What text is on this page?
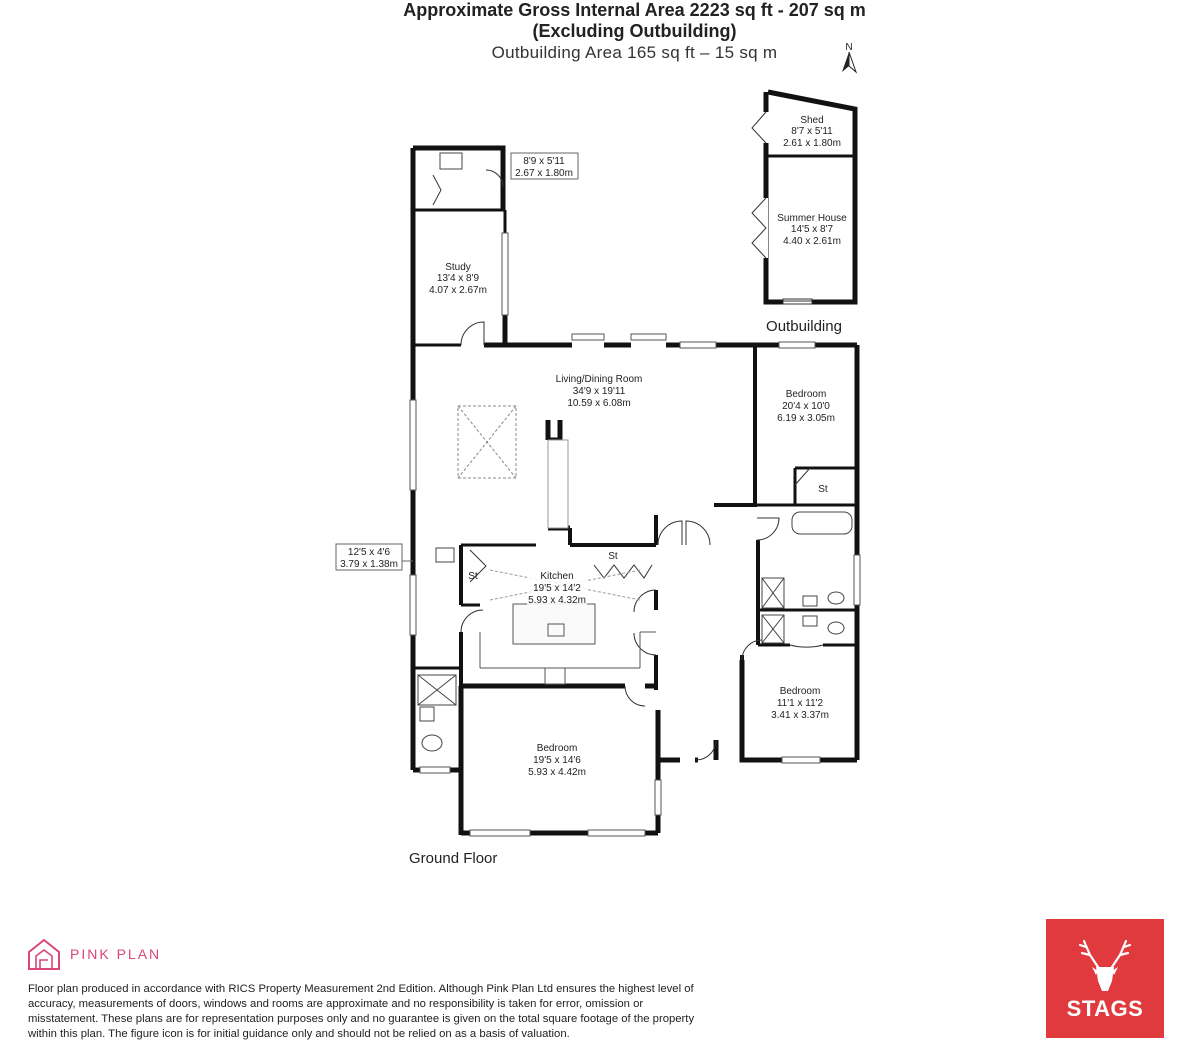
Approximate Gross Internal Area 2223 sq ft - 207 sq m
(Excluding Outbuilding)
Outbuilding Area 165 sq ft – 15 sq m	N
Shed
8'7 x 5'11
2.61 x 1.80m
Summer House
14'5 x 8'7
4.40 x 2.61m
Outbuilding
8'9 x 5'11
2.67 x 1.80m
Study
13'4 x 8'9
4.07 x 2.67m
Living/Dining Room
34'9 x 19'11
10.59 x 6.08m
Bedroom
20'4 x 10'0
6.19 x 3.05m
St
St
St	Kitchen
19'5 x 14'2
5.93 x 4.32m
12'5 x 4'6
3.79 x 1.38m
Bedroom
11'1 x 11'2
3.41 x 3.37m
Bedroom
19'5 x 14'6
5.93 x 4.42m
Ground Floor
PINK PLAN
Floor plan produced in accordance with RICS Property Measurement 2nd Edition. Although Pink Plan Ltd ensures the highest level of accuracy, measurements of doors, windows and rooms are approximate and no responsibility is taken for error, omission or misstatement. These plans are for representation purposes only and no guarantee is given on the total square footage of the property within this plan. The figure icon is for initial guidance only and should not be relied on as a basis of valuation.
STAGS
